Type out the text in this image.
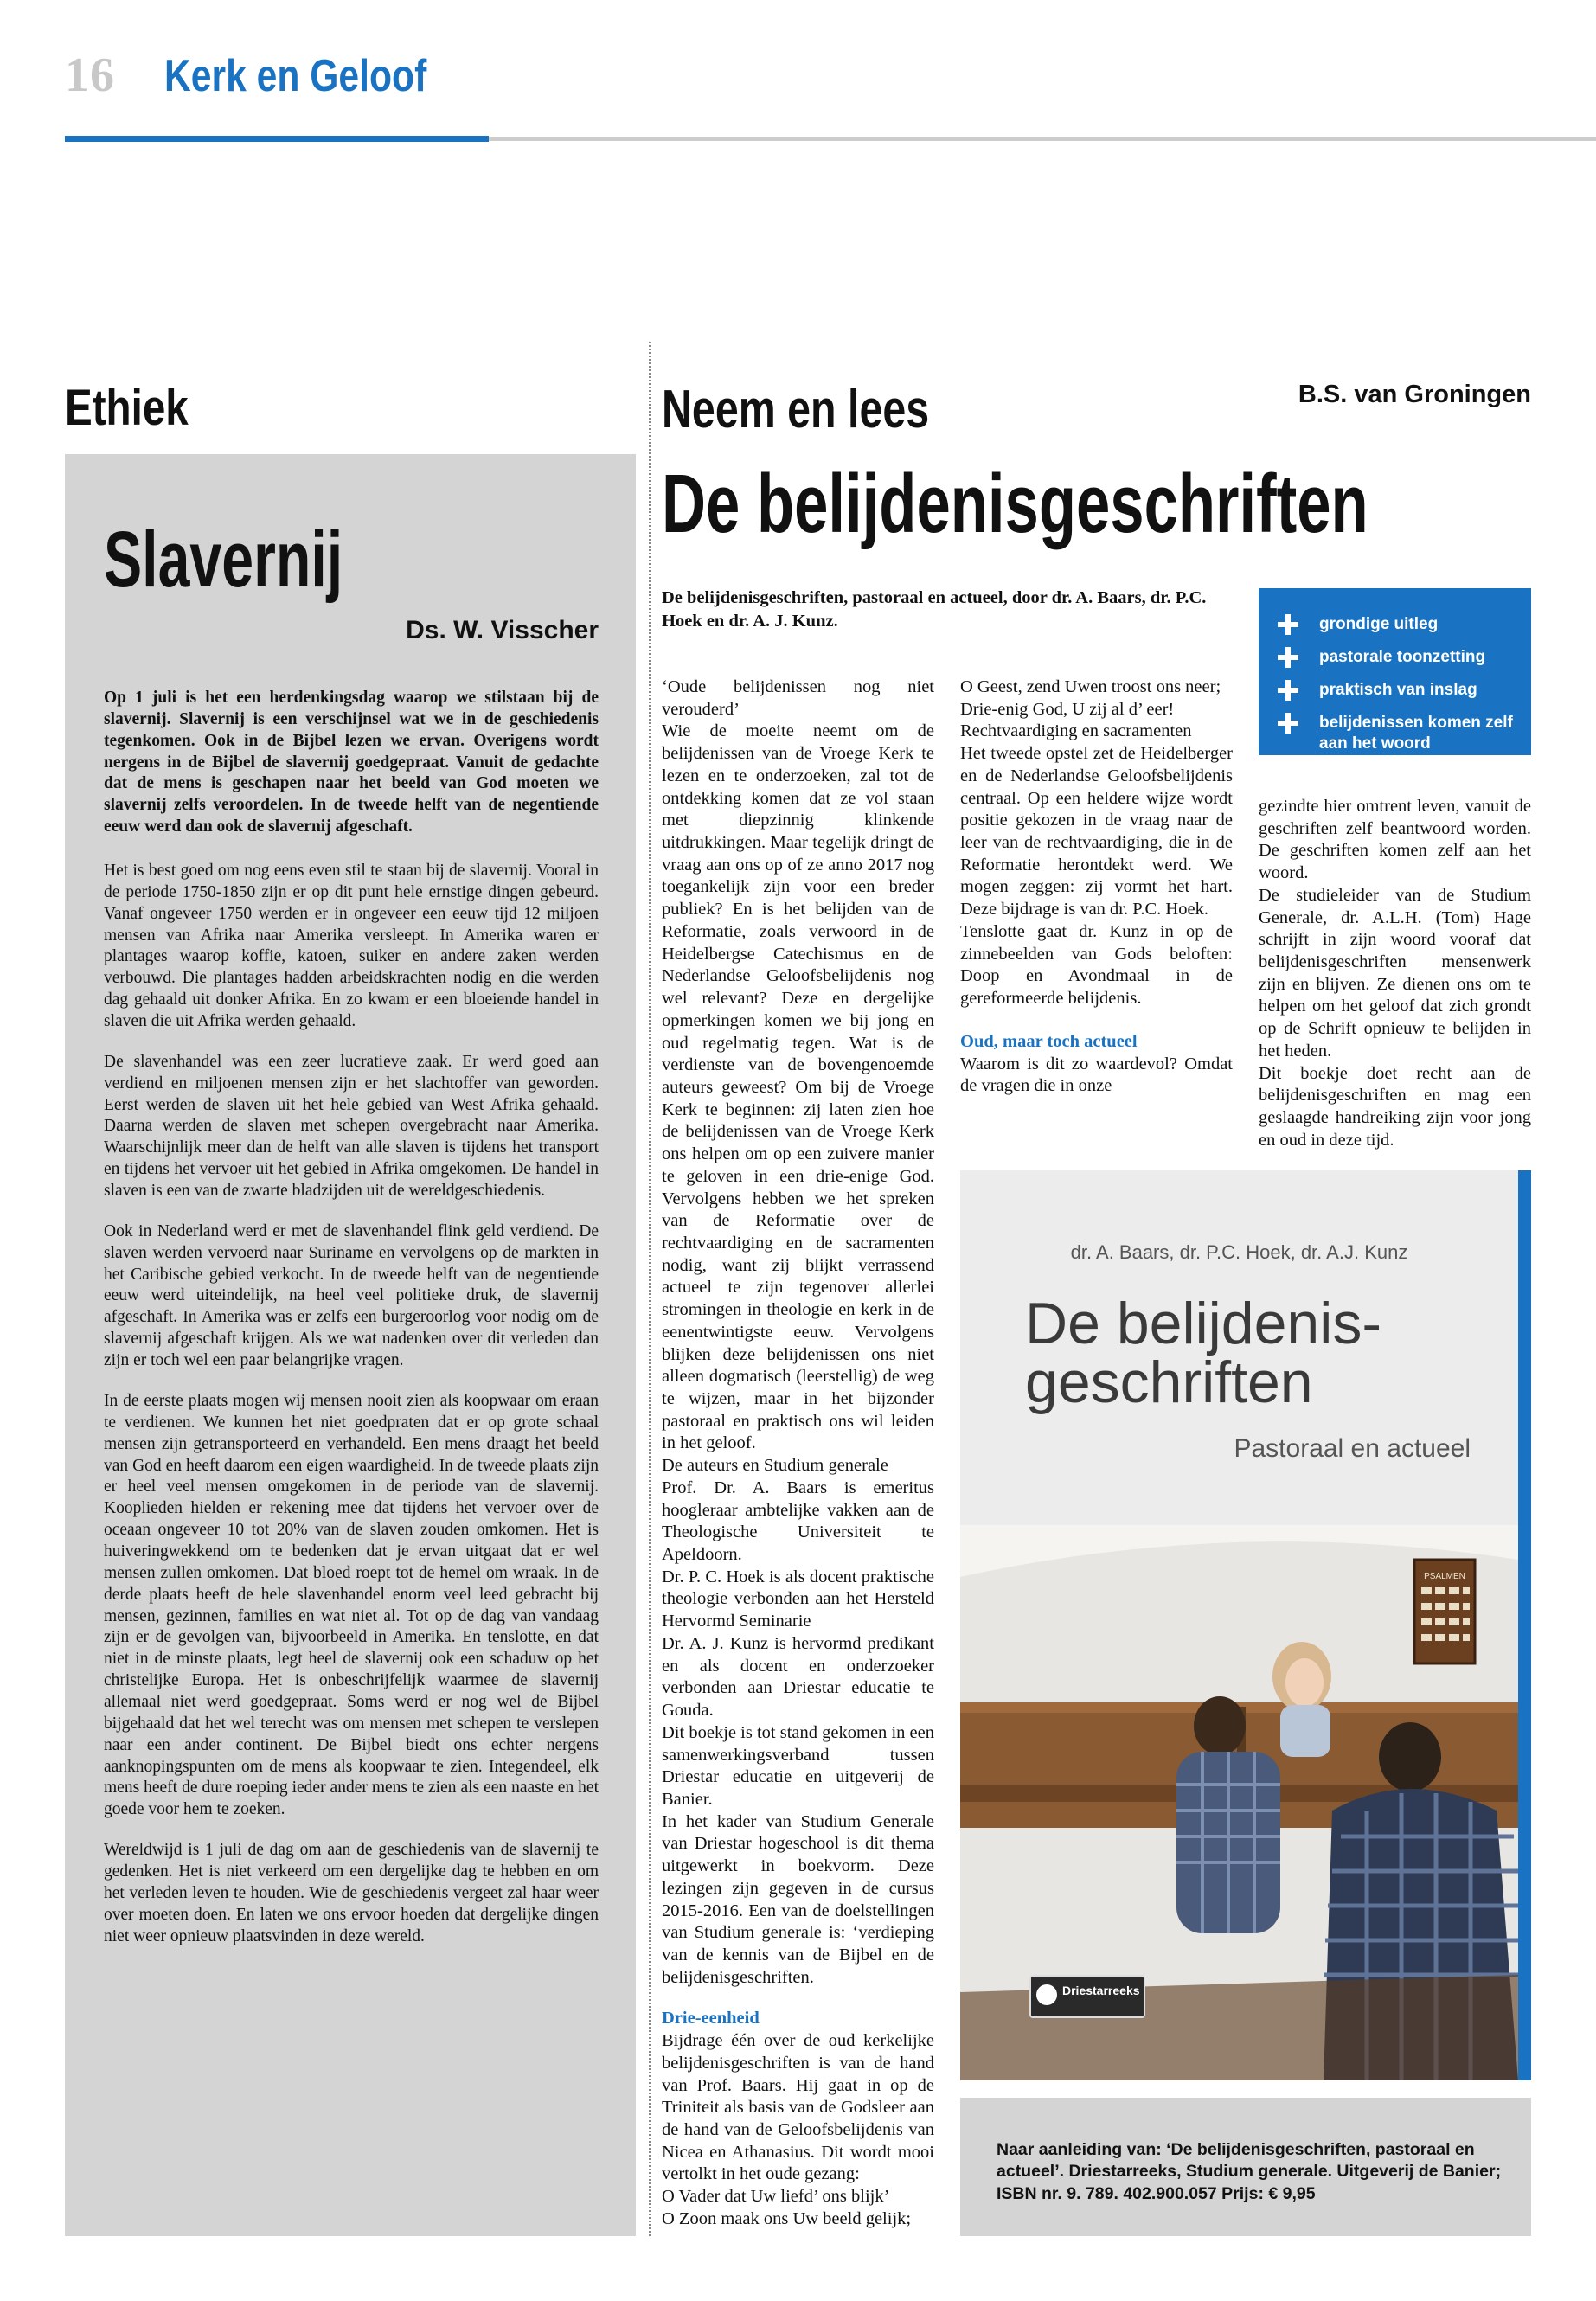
16 Kerk en Geloof
Ethiek
Slavernij
Ds. W. Visscher

Op 1 juli is het een herdenkingsdag waarop we stilstaan bij de slavernij. Slavernij is een verschijnsel wat we in de geschiedenis tegenkomen. Ook in de Bijbel lezen we ervan. Overigens wordt nergens in de Bijbel de slavernij goedgepraat. Vanuit de gedachte dat de mens is geschapen naar het beeld van God moeten we slavernij zelfs veroordelen. In de tweede helft van de negentiende eeuw werd dan ook de slavernij afgeschaft.

Het is best goed om nog eens even stil te staan bij de slavernij. Vooral in de periode 1750-1850 zijn er op dit punt hele ernstige dingen gebeurd. Vanaf ongeveer 1750 werden er in ongeveer een eeuw tijd 12 miljoen mensen van Afrika naar Amerika versleept. In Amerika waren er plantages waarop koffie, katoen, suiker en andere zaken werden verbouwd. Die plantages hadden arbeidskrachten nodig en die werden dag gehaald uit donker Afrika. En zo kwam er een bloeiende handel in slaven die uit Afrika werden gehaald.

De slavenhandel was een zeer lucratieve zaak. Er werd goed aan verdiend en miljoenen mensen zijn er het slachtoffer van geworden. Eerst werden de slaven uit het hele gebied van West Afrika gehaald. Daarna werden de slaven met schepen overgebracht naar Amerika. Waarschijnlijk meer dan de helft van alle slaven is tijdens het transport en tijdens het vervoer uit het gebied in Afrika omgekomen. De handel in slaven is een van de zwarte bladzijden uit de wereldgeschiedenis.

Ook in Nederland werd er met de slavenhandel flink geld verdiend. De slaven werden vervoerd naar Suriname en vervolgens op de markten in het Caribische gebied verkocht. In de tweede helft van de negentiende eeuw werd uiteindelijk, na heel veel politieke druk, de slavernij afgeschaft. In Amerika was er zelfs een burgeroorlog voor nodig om de slavernij afgeschaft krijgen. Als we wat nadenken over dit verleden dan zijn er toch wel een paar belangrijke vragen.

In de eerste plaats mogen wij mensen nooit zien als koopwaar om eraan te verdienen. We kunnen het niet goedpraten dat er op grote schaal mensen zijn getransporteerd en verhandeld. Een mens draagt het beeld van God en heeft daarom een eigen waardigheid. In de tweede plaats zijn er heel veel mensen omgekomen in de periode van de slavernij. Kooplieden hielden er rekening mee dat tijdens het vervoer over de oceaan ongeveer 10 tot 20% van de slaven zouden omkomen. Het is huiveringwekkend om te bedenken dat je ervan uitgaat dat er wel mensen zullen omkomen. Dat bloed roept tot de hemel om wraak. In de derde plaats heeft de hele slavenhandel enorm veel leed gebracht bij mensen, gezinnen, families en wat niet al. Tot op de dag van vandaag zijn er de gevolgen van, bijvoorbeeld in Amerika. En tenslotte, en dat niet in de minste plaats, legt heel de slavernij ook een schaduw op het christelijke Europa. Het is onbeschrijfelijk waarmee de slavernij allemaal niet werd goedgepraat. Soms werd er nog wel de Bijbel bijgehaald dat het wel terecht was om mensen met schepen te verslepen naar een ander continent. De Bijbel biedt ons echter nergens aanknopingspunten om de mens als koopwaar te zien. Integendeel, elk mens heeft de dure roeping ieder ander mens te zien als een naaste en het goede voor hem te zoeken.

Wereldwijd is 1 juli de dag om aan de geschiedenis van de slavernij te gedenken. Het is niet verkeerd om een dergelijke dag te hebben en om het verleden leven te houden. Wie de geschiedenis vergeet zal haar weer over moeten doen. En laten we ons ervoor hoeden dat dergelijke dingen niet weer opnieuw plaatsvinden in deze wereld.

Neem en lees	B.S. van Groningen
De belijdenisgeschriften
De belijdenisgeschriften, pastoraal en actueel, door dr. A. Baars, dr. P.C. Hoek en dr. A. J. Kunz.	grondige uitleg
pastorale toonzetting
praktisch van inslag
belijdenissen komen zelf aan het woord

‘Oude belijdenissen nog niet verouderd’

Wie de moeite neemt om de belijdenissen van de Vroege Kerk te lezen en te onderzoeken, zal tot de ontdekking komen dat ze vol staan met diepzinnig klinkende uitdrukkingen. Maar tegelijk dringt de vraag aan ons op of ze anno 2017 nog toegankelijk zijn voor een breder publiek? En is het belijden van de Reformatie, zoals verwoord in de Heidelbergse Catechismus en de Nederlandse Geloofsbelijdenis nog wel relevant? Deze en dergelijke opmerkingen komen we bij jong en oud regelmatig tegen. Wat is de verdienste van de bovengenoemde auteurs geweest? Om bij de Vroege Kerk te beginnen: zij laten zien hoe de belijdenissen van de Vroege Kerk ons helpen om op een zuivere manier te geloven in een drie-enige God. Vervolgens hebben we het spreken van de Reformatie over de rechtvaardiging en de sacramenten nodig, want zij blijkt verrassend actueel te zijn tegenover allerlei stromingen in theologie en kerk in de eenentwintigste eeuw. Vervolgens blijken deze belijdenissen ons niet alleen dogmatisch (leerstellig) de weg te wijzen, maar in het bijzonder pastoraal en praktisch ons wil leiden in het geloof.

De auteurs en Studium generale

Prof. Dr. A. Baars is emeritus hoogleraar ambtelijke vakken aan de Theologische Universiteit te Apeldoorn.

Dr. P. C. Hoek is als docent praktische theologie verbonden aan het Hersteld Hervormd Seminarie

Dr. A. J. Kunz is hervormd predikant en als docent en onderzoeker verbonden aan Driestar educatie te Gouda.

Dit boekje is tot stand gekomen in een samenwerkingsverband tussen Driestar educatie en uitgeverij de Banier.

In het kader van Studium Generale van Driestar hogeschool is dit thema uitgewerkt in boekvorm. Deze lezingen zijn gegeven in de cursus 2015-2016. Een van de doelstellingen van Studium generale is: ‘verdieping van de kennis van de Bijbel en de belijdenisgeschriften.

Drie-eenheid

Bijdrage één over de oud kerkelijke belijdenisgeschriften is van de hand van Prof. Baars. Hij gaat in op de Triniteit als basis van de Godsleer aan de hand van de Geloofsbelijdenis van Nicea en Athanasius. Dit wordt mooi vertolkt in het oude gezang:

O Vader dat Uw liefd’ ons blijk’

O Zoon maak ons Uw beeld gelijk;

O Geest, zend Uwen troost ons neer;

Drie-enig God, U zij al d’ eer!

Rechtvaardiging en sacramenten

Het tweede opstel zet de Heidelberger en de Nederlandse Geloofsbelijdenis centraal. Op een heldere wijze wordt positie gekozen in de vraag naar de leer van de rechtvaardiging, die in de Reformatie herontdekt werd. We mogen zeggen: zij vormt het hart. Deze bijdrage is van dr. P.C. Hoek.

Tenslotte gaat dr. Kunz in op de zinnebeelden van Gods beloften: Doop en Avondmaal in de gereformeerde belijdenis.

Oud, maar toch actueel

Waarom is dit zo waardevol? Omdat de vragen die in onze

gezindte hier omtrent leven, vanuit de geschriften zelf beantwoord worden. De geschriften komen zelf aan het woord.

De studieleider van de Studium Generale, dr. A.L.H. (Tom) Hage schrijft in zijn woord vooraf dat belijdenisgeschriften mensenwerk zijn en blijven. Ze dienen ons om te helpen om het geloof dat zich grondt op de Schrift opnieuw te belijden in het heden.

Dit boekje doet recht aan de belijdenisgeschriften en mag een geslaagde handreiking zijn voor jong en oud in deze tijd.

dr. A. Baars, dr. P.C. Hoek, dr. A.J. Kunz
De belijdenis-
geschriften
Pastoraal en actueel
PSALMEN
Driestarreeks
Naar aanleiding van: ‘De belijdenisgeschriften, pastoraal en actueel’. Driestarreeks, Studium generale. Uitgeverij de Banier; ISBN nr. 9. 789. 402.900.057 Prijs: € 9,95
